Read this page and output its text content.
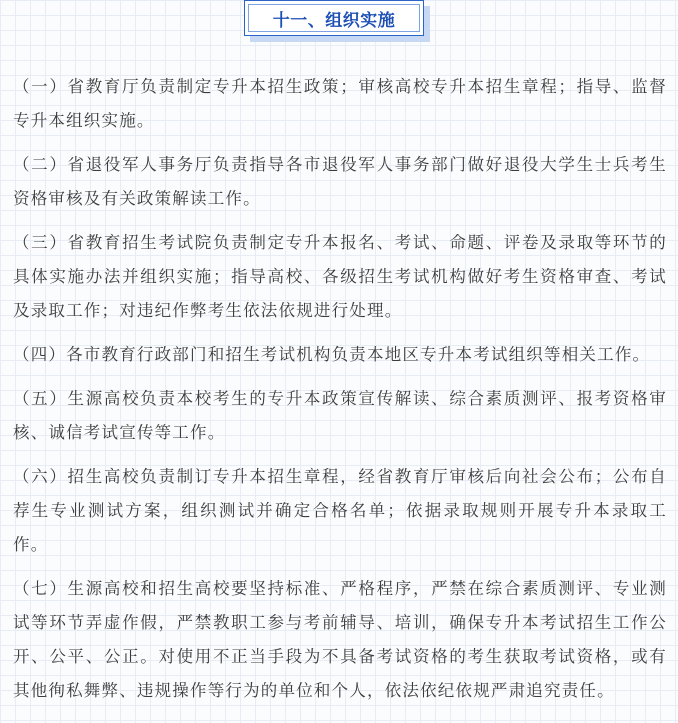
十一、组织实施

（一）省教育厅负责制定专升本招生政策；审核高校专升本招生章程；指导、监督专升本组织实施。

（二）省退役军人事务厅负责指导各市退役军人事务部门做好退役大学生士兵考生资格审核及有关政策解读工作。

（三）省教育招生考试院负责制定专升本报名、考试、命题、评卷及录取等环节的具体实施办法并组织实施；指导高校、各级招生考试机构做好考生资格审查、考试及录取工作；对违纪作弊考生依法依规进行处理。

（四）各市教育行政部门和招生考试机构负责本地区专升本考试组织等相关工作。

（五）生源高校负责本校考生的专升本政策宣传解读、综合素质测评、报考资格审核、诚信考试宣传等工作。

（六）招生高校负责制订专升本招生章程，经省教育厅审核后向社会公布；公布自荐生专业测试方案，组织测试并确定合格名单；依据录取规则开展专升本录取工作。

（七）生源高校和招生高校要坚持标准、严格程序，严禁在综合素质测评、专业测试等环节弄虚作假，严禁教职工参与考前辅导、培训，确保专升本考试招生工作公开、公平、公正。对使用不正当手段为不具备考试资格的考生获取考试资格，或有其他徇私舞弊、违规操作等行为的单位和个人，依法依纪依规严肃追究责任。
